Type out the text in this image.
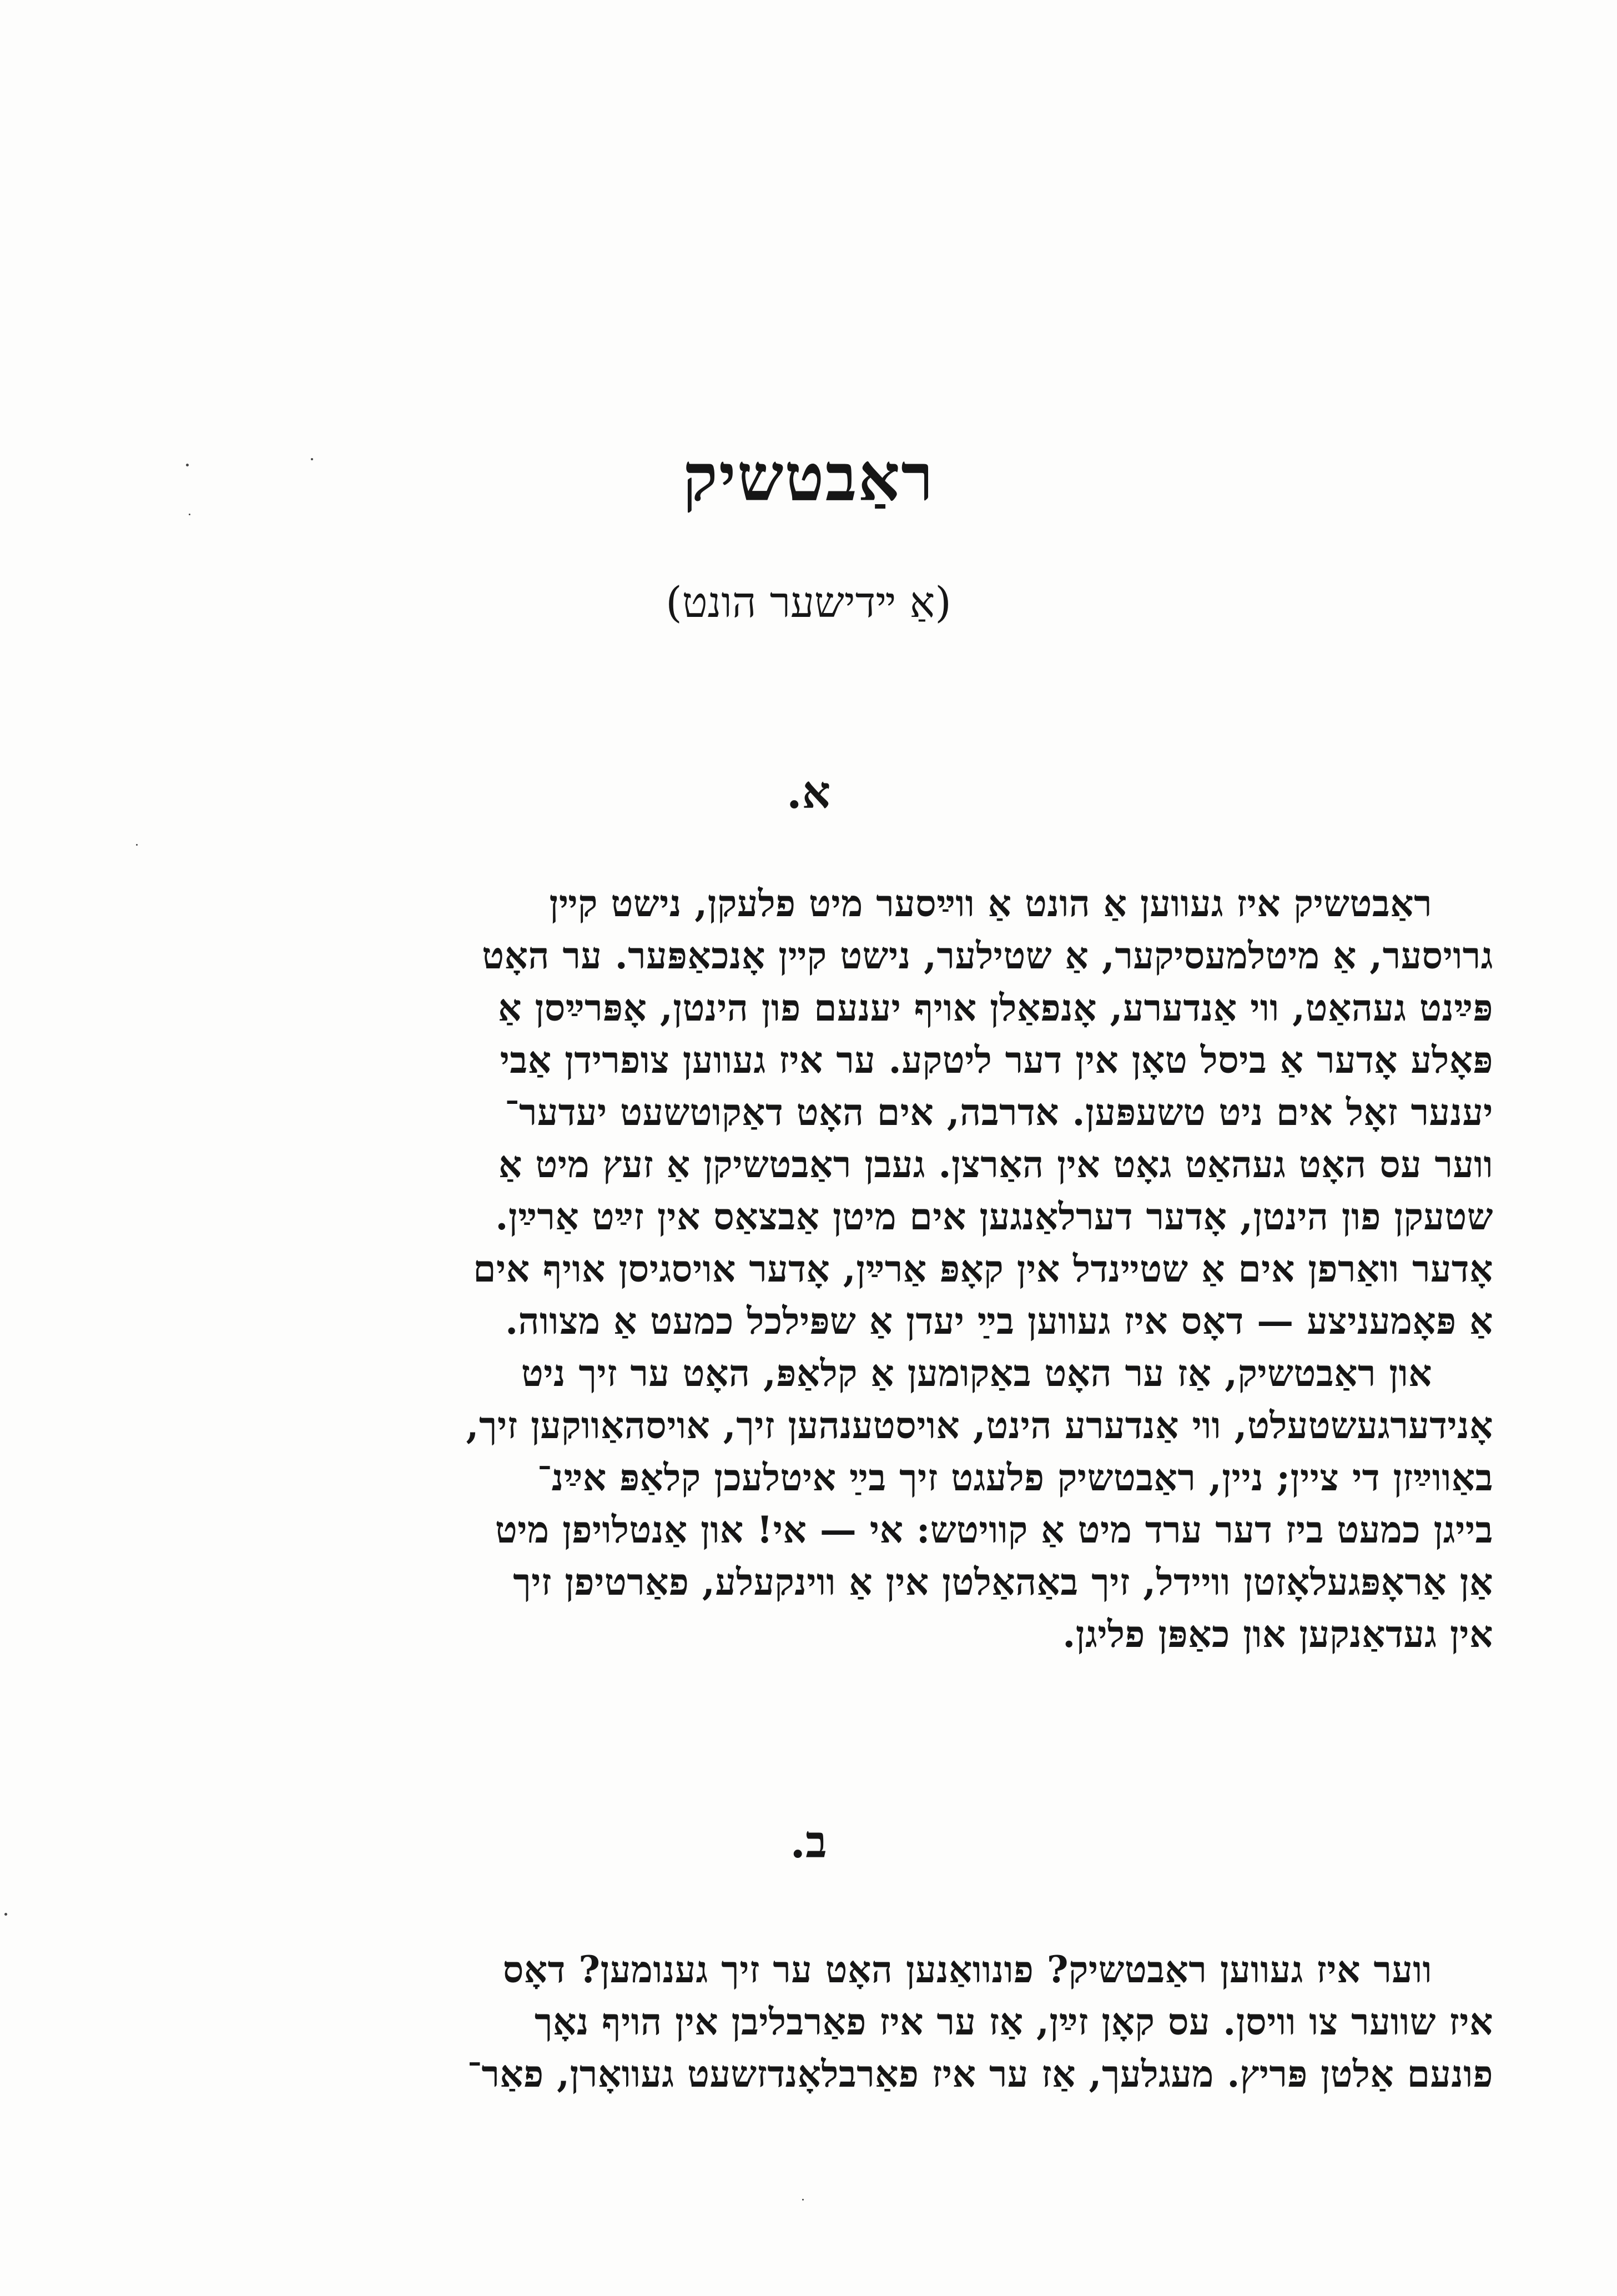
ראַבטשיק
(אַ ײדישער הונט)
א.
ראַבטשיק איז געווען אַ הונט אַ ווײַסער מיט פלעקן, נישט קײן
גרויסער, אַ מיטלמעסיקער, אַ שטילער, נישט קײן אָנכאַפּער. ער האָט
פּײַנט געהאַט, ווי אַנדערע, אָנפאַלן אויף יענעם פון הינטן, אָפּרײַסן אַ
פּאָלע אָדער אַ ביסל טאָן אין דער ליטקע. ער איז געווען צופרידן אַבי
יענער זאָל אים ניט טשעפּען. אדרבה, אים האָט דאַקוטשעט יעדער־
ווער עס האָט געהאַט גאָט אין האַרצן. געבן ראַבטשיקן אַ זעץ מיט אַ
שטעקן פון הינטן, אָדער דערלאַנגען אים מיטן אַבצאַס אין זײַט אַרײַן.
אָדער וואַרפן אים אַ שטײנדל אין קאָפּ אַרײַן, אָדער אויסגיסן אויף אים
אַ פּאָמעניצע — דאָס איז געווען בײַ יעדן אַ שפּילכל כמעט אַ מצווה.
און ראַבטשיק, אַז ער האָט באַקומען אַ קלאַפּ, האָט ער זיך ניט
אָנידערגעשטעלט, ווי אַנדערע הינט, אויסטענהען זיך, אויסהאַווקען זיך,
באַווײַזן די ציין; ניין, ראַבטשיק פלעגט זיך בײַ איטלעכן קלאַפּ אײַנ־
בייגן כמעט ביז דער ערד מיט אַ קוויטש: אי — אי! און אַנטלויפן מיט
אַן אַראָפּגעלאָזטן וויידל, זיך באַהאַלטן אין אַ ווינקעלע, פאַרטיפן זיך
אין געדאַנקען און כאַפּן פליגן.
ב.
ווער איז געווען ראַבטשיק? פונוואַנען האָט ער זיך גענומען? דאָס
איז שווער צו וויסן. עס קאָן זײַן, אַז ער איז פאַרבליבן אין הויף נאָך
פונעם אַלטן פּריץ. מעגלעך, אַז ער איז פאַרבלאָנדזשעט געוואָרן, פאַר־
